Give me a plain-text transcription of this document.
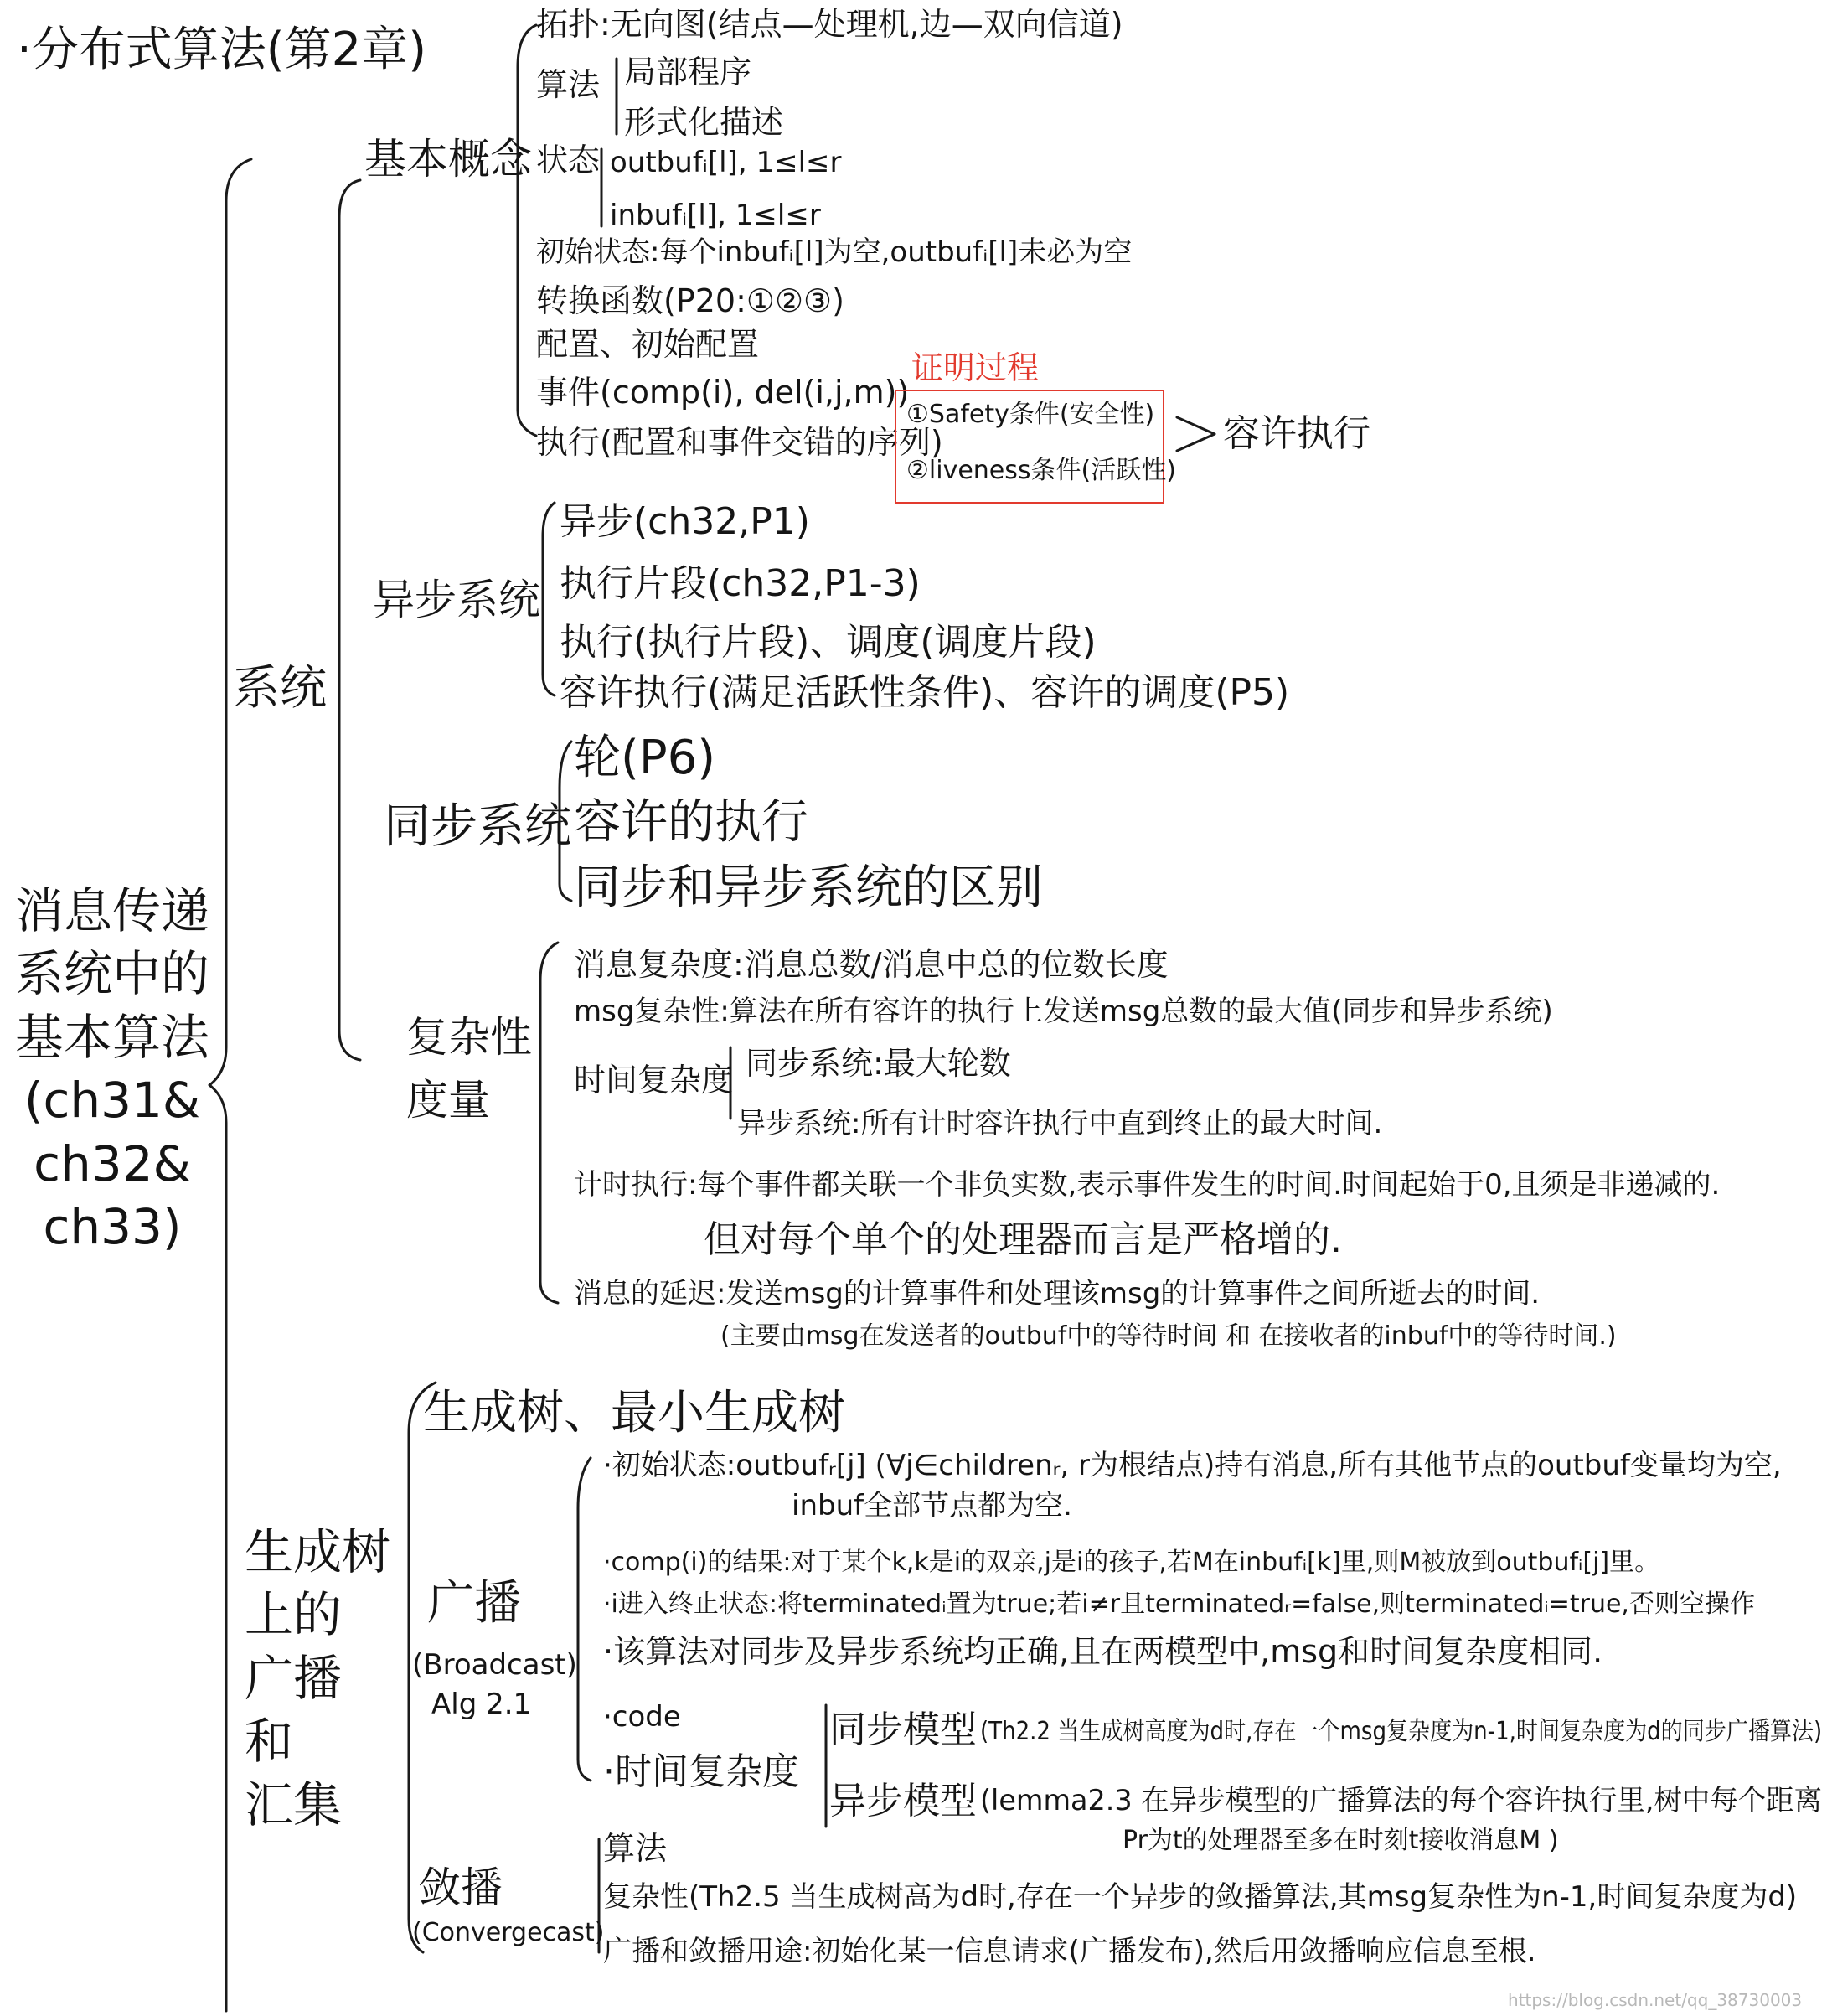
·分布式算法(第2章)
消息传递
系统中的
基本算法
(ch31&
ch32&
ch33)
系统
基本概念
拓扑:无向图(结点—处理机,边—双向信道)
算法 局部程序
形式化描述
状态 outbufᵢ[l], 1≤l≤r
inbufᵢ[l], 1≤l≤r
初始状态:每个inbufᵢ[l]为空,outbufᵢ[l]未必为空
转换函数(P20:①②③)
配置、初始配置
事件(comp(i), del(i,j,m))
执行(配置和事件交错的序列)
证明过程
①Safety条件(安全性)
②liveness条件(活跃性)
容许执行
异步系统
异步(ch32,P1)
执行片段(ch32,P1-3)
执行(执行片段)、调度(调度片段)
容许执行(满足活跃性条件)、容许的调度(P5)
同步系统
轮(P6)
容许的执行
同步和异步系统的区别
复杂性
度量
消息复杂度:消息总数/消息中总的位数长度
msg复杂性:算法在所有容许的执行上发送msg总数的最大值(同步和异步系统)
时间复杂度 同步系统:最大轮数
异步系统:所有计时容许执行中直到终止的最大时间.
计时执行:每个事件都关联一个非负实数,表示事件发生的时间.时间起始于0,且须是非递减的.
但对每个单个的处理器而言是严格增的.
消息的延迟:发送msg的计算事件和处理该msg的计算事件之间所逝去的时间.
(主要由msg在发送者的outbuf中的等待时间 和 在接收者的inbuf中的等待时间.)
生成树
上的
广播
和
汇集
生成树、最小生成树
广播
(Broadcast)
Alg 2.1
·初始状态:outbufᵣ[j] (∀j∈childrenᵣ, r为根结点)持有消息,所有其他节点的outbuf变量均为空,
inbuf全部节点都为空.
·comp(i)的结果:对于某个k,k是i的双亲,j是i的孩子,若M在inbufᵢ[k]里,则M被放到outbufᵢ[j]里。
·i进入终止状态:将terminatedᵢ置为true;若i≠r且terminatedᵣ=false,则terminatedᵢ=true,否则空操作
·该算法对同步及异步系统均正确,且在两模型中,msg和时间复杂度相同.
·code
·时间复杂度
同步模型 (Th2.2 当生成树高度为d时,存在一个msg复杂度为n-1,时间复杂度为d的同步广播算法)
异步模型 (lemma2.3 在异步模型的广播算法的每个容许执行里,树中每个距离
Pr为t的处理器至多在时刻t接收消息M )
敛播
(Convergecast)
算法
复杂性(Th2.5 当生成树高为d时,存在一个异步的敛播算法,其msg复杂性为n-1,时间复杂度为d)
广播和敛播用途:初始化某一信息请求(广播发布),然后用敛播响应信息至根.
https://blog.csdn.net/qq_38730003
